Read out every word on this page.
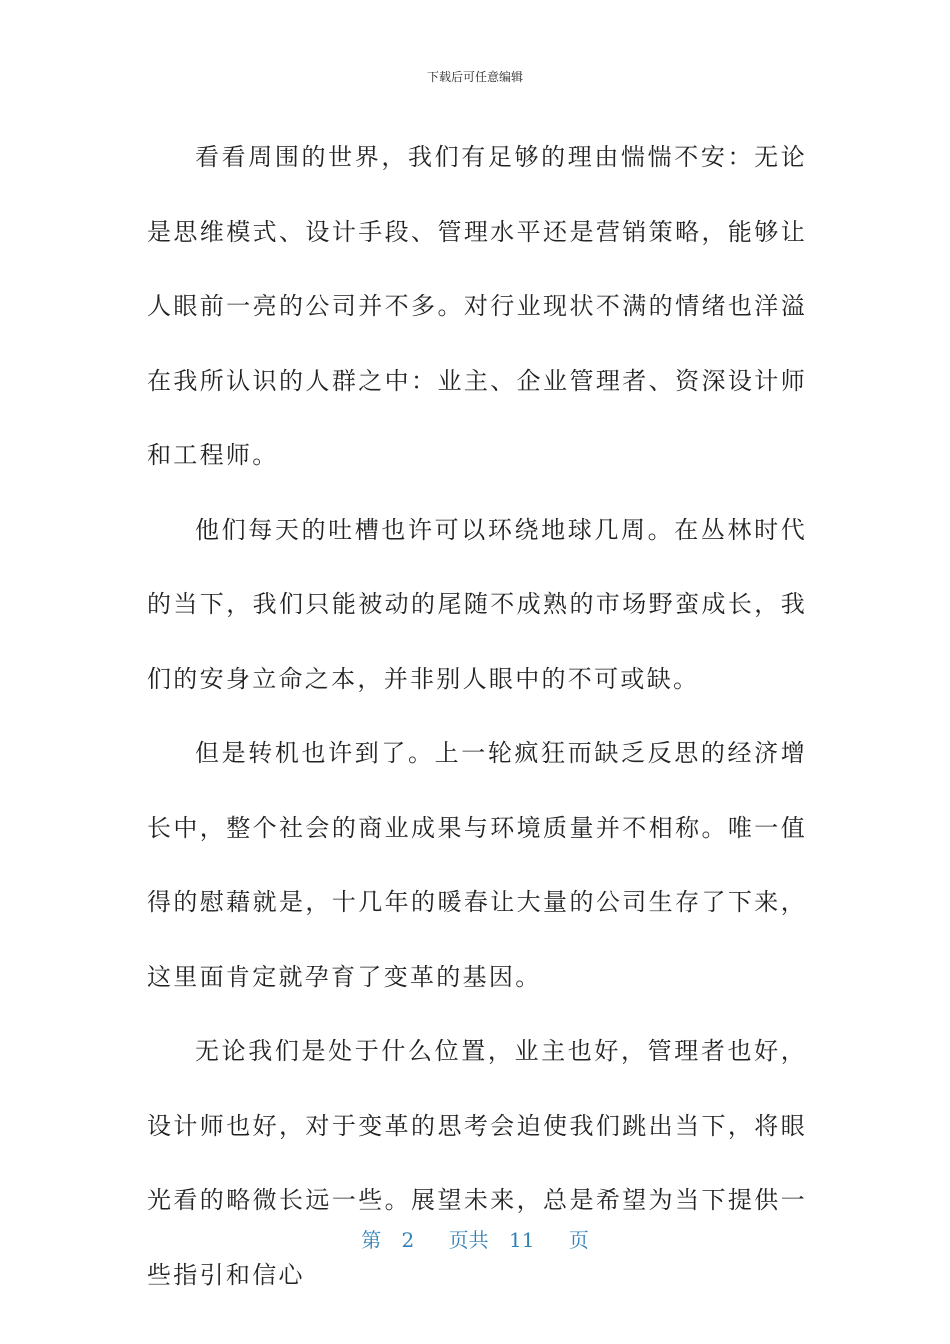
下载后可任意编辑

看看周围的世界，我们有足够的理由惴惴不安：无论是思维模式、设计手段、管理水平还是营销策略，能够让人眼前一亮的公司并不多。对行业现状不满的情绪也洋溢在我所认识的人群之中：业主、企业管理者、资深设计师和工程师。

他们每天的吐槽也许可以环绕地球几周。在丛林时代的当下，我们只能被动的尾随不成熟的市场野蛮成长，我们的安身立命之本，并非别人眼中的不可或缺。

但是转机也许到了。上一轮疯狂而缺乏反思的经济增长中，整个社会的商业成果与环境质量并不相称。唯一值得的慰藉就是，十几年的暖春让大量的公司生存了下来，这里面肯定就孕育了变革的基因。

无论我们是处于什么位置，业主也好，管理者也好，设计师也好，对于变革的思考会迫使我们跳出当下，将眼光看的略微长远一些。展望未来，总是希望为当下提供一些指引和信心

第 2 页共 11 页
